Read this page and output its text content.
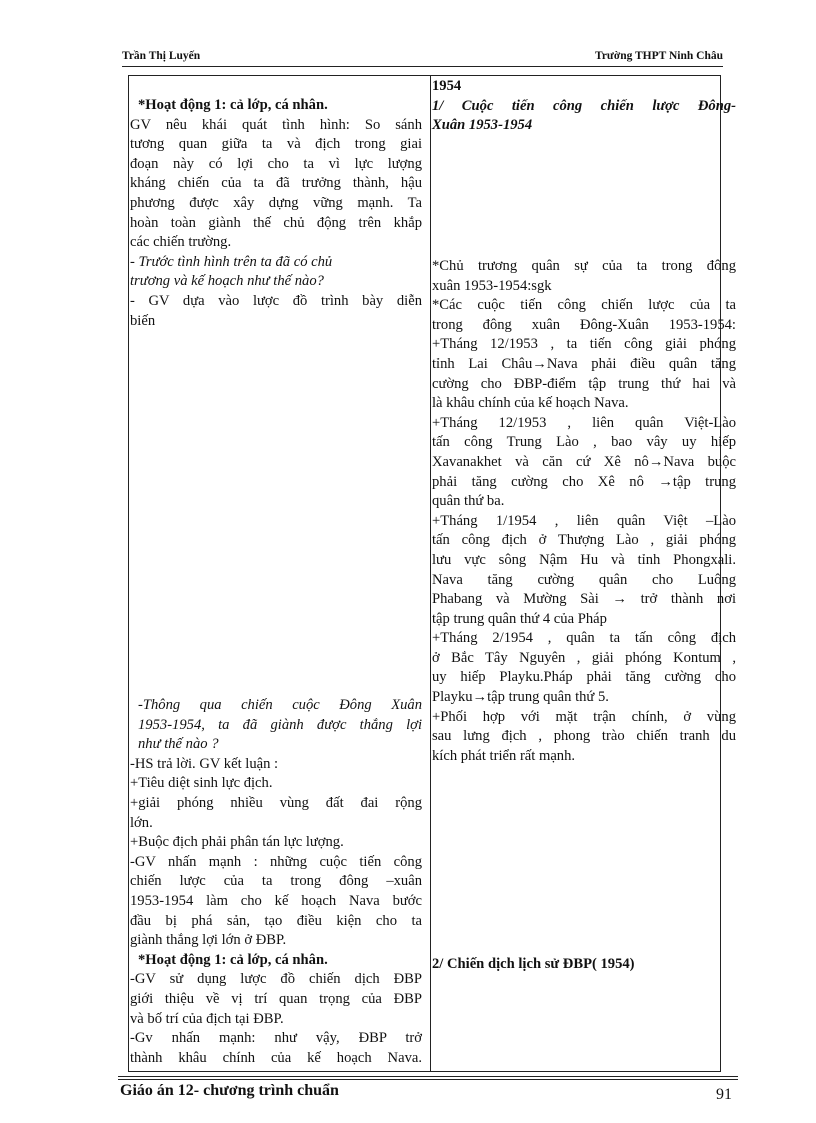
Trần Thị Luyến	Trường THPT Ninh Châu
*Hoạt động 1: cả lớp, cá nhân.
GV nêu khái quát tình hình: So sánh
tương quan giữa ta và địch trong giai
đoạn này có lợi cho ta vì lực lượng
kháng chiến của ta đã trưởng thành, hậu
phương được xây dựng vững mạnh. Ta
hoàn toàn giành thế chủ động trên khắp
các chiến trường.
- Trước tình hình trên ta đã có chủ
trương và kế hoạch như thế nào?
- GV dựa vào lược đồ trình bày diễn
biến
-Thông qua chiến cuộc Đông Xuân
1953-1954, ta đã giành được thắng lợi
như thế nào ?
-HS trả lời. GV kết luận :
+Tiêu diệt sinh lực địch.
+giải phóng nhiều vùng đất đai rộng
lớn.
+Buộc địch phải phân tán lực lượng.
-GV nhấn mạnh : những cuộc tiến công
chiến lược của ta trong đông –xuân
1953-1954 làm cho kế hoạch Nava bước
đầu bị phá sản, tạo điều kiện cho ta
giành thắng lợi lớn ở ĐBP.
*Hoạt động 1: cả lớp, cá nhân.
-GV sử dụng lược đồ chiến dịch ĐBP
giới thiệu về vị trí quan trọng của ĐBP
và bố trí của địch tại ĐBP.
-Gv nhấn mạnh: như vậy, ĐBP trở
thành khâu chính của kế hoạch Nava.
1954
1/ Cuộc tiến công chiến lược Đông-
Xuân 1953-1954
*Chủ trương quân sự của ta trong đông
xuân 1953-1954:sgk
*Các cuộc tiến công chiến lược của ta
trong đông xuân Đông-Xuân 1953-1954:
+Tháng 12/1953 , ta tiến công giải phóng
tỉnh Lai Châu→Nava phải điều quân tăng
cường cho ĐBP-điểm tập trung thứ hai và
là khâu chính của kế hoạch Nava.
+Tháng 12/1953 , liên quân Việt-Lào
tấn công Trung Lào , bao vây uy hiếp
Xavanakhet và căn cứ Xê nô→Nava buộc
phải tăng cường cho Xê nô →tập trung
quân thứ ba.
+Tháng 1/1954 , liên quân Việt –Lào
tấn công địch ở Thượng Lào , giải phóng
lưu vực sông Nậm Hu và tỉnh Phongxali.
Nava tăng cường quân cho Luông
Phabang và Mường Sài → trở thành nơi
tập trung quân thứ 4 của Pháp
+Tháng 2/1954 , quân ta tấn công địch
ở Bắc Tây Nguyên , giải phóng Kontum ,
uy hiếp Playku.Pháp phải tăng cường cho
Playku→tập trung quân thứ 5.
+Phối hợp với mặt trận chính, ở vùng
sau lưng địch , phong trào chiến tranh du
kích phát triển rất mạnh.
2/ Chiến dịch lịch sử ĐBP( 1954)
Giáo án 12- chương trình chuẩn	91
